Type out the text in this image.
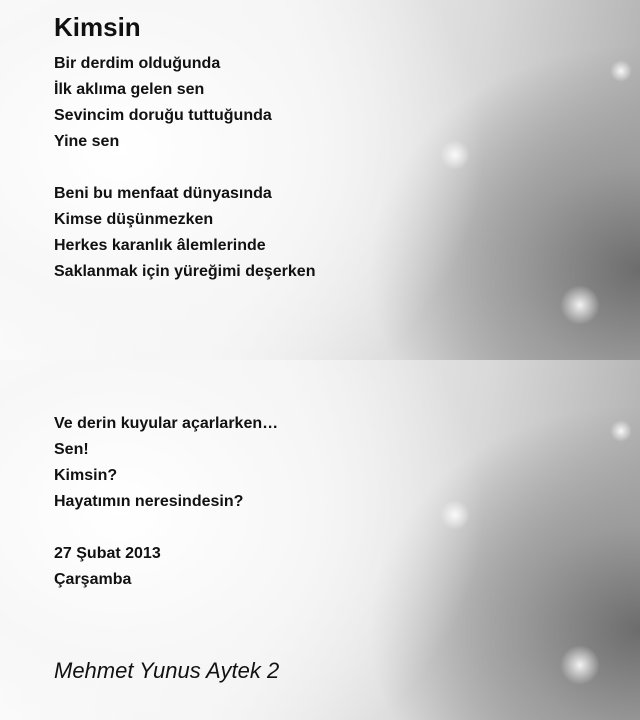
Kimsin
Bir derdim olduğunda
İlk aklıma gelen sen
Sevincim doruğu tuttuğunda
Yine sen
Beni bu menfaat dünyasında
Kimse düşünmezken
Herkes karanlık âlemlerinde
Saklanmak için yüreğimi deşerken
Ve derin kuyular açarlarken…
Sen!
Kimsin?
Hayatımın neresindesin?
27 Şubat 2013
Çarşamba
Mehmet Yunus Aytek 2
